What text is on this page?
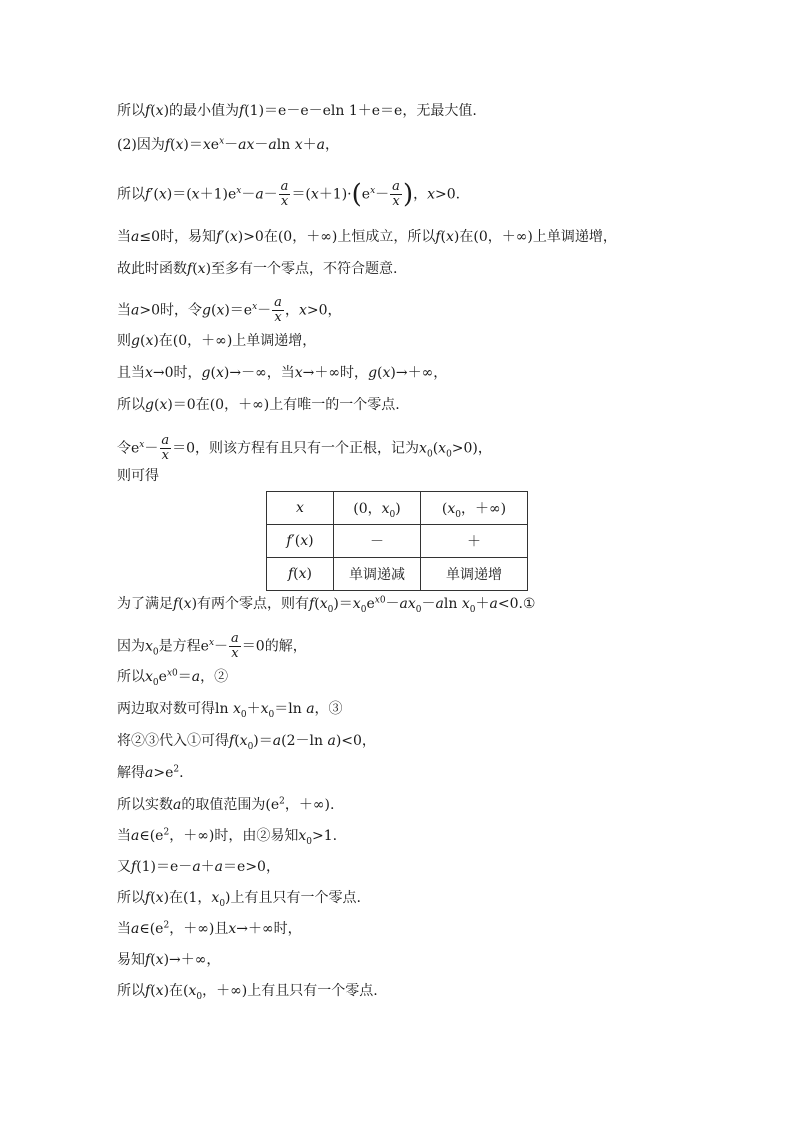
所以f(x)的最小值为f(1)＝e－e－eln 1＋e＝e，无最大值.
(2)因为$f(x)=xe^x-ax-aln$ x＋a，
所以$f'(x)=(x+1)e^x-a- \frac{a}{x} =(x+1)\cdot(e^x- \frac{a}{x}$ )，x>0.
当a≤0时，易知f′(x)>0在(0，＋∞)上恒成立，所以f(x)在(0，＋∞)上单调递增，
故此时函数f(x)至多有一个零点，不符合题意.
当a>0时，令$g(x)=e^x- \frac{a}{x}$ ，x>0，
则g(x)在(0，＋∞)上单调递增，
且当x→0时，g(x)→－∞，当x→＋∞时，g(x)→＋∞，
所以g(x)＝0在(0，＋∞)上有唯一的一个零点.
令$e^x- \frac{a}{x} =0$，则该方程有且只有一个正根，记为$x_0(x_0>0)$，
则可得
x	(0，$x_0$)	($x_0$，＋∞)
f′(x)	－	＋
f(x)	单调递减	单调递增
为了满足f(x)有两个零点，则有$f(x_0)=x_0e^{x0}-ax_0-aln$ $x_0+a<0.①$
因为$x_0$是方程$e^x- \frac{a}{x} =0$的解，
所以$x_0e^{x0}=a$，②
两边取对数可得$\ln x_0+x_0=\ln$ a，③
将②③代入①可得$f(x_0)=a(2-\ln$ a)<0，
解得$a>e^2$.
所以实数a的取值范围为($e^2$，＋∞).
当$a\in(e^2$，＋∞)时，由②易知$x_0>1$.
又f(1)＝e－a＋a＝e>0，
所以f(x)在(1，$x_0$)上有且只有一个零点.
当$a\in(e^2$，＋∞)且x→＋∞时，
易知f(x)→＋∞，
所以f(x)在($x_0$，＋∞)上有且只有一个零点.
